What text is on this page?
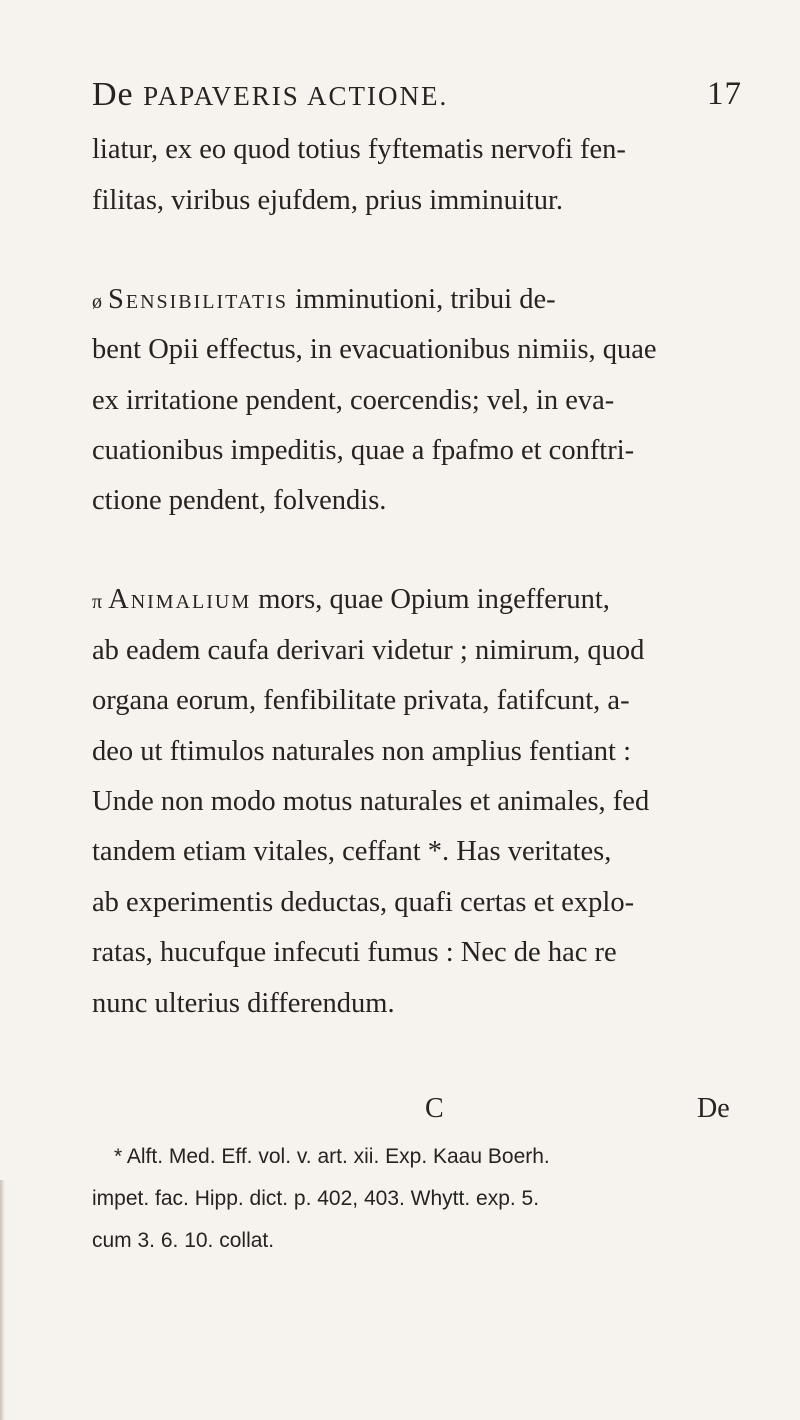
De PAPAVERIS ACTIONE.	17
liatur, ex eo quod totius fyftematis nervofi fen-
filitas, viribus ejufdem, prius imminuitur.
ø Sensibilitatis imminutioni, tribui de-
bent Opii effectus, in evacuationibus nimiis, quae
ex irritatione pendent, coercendis; vel, in eva-
cuationibus impeditis, quae a fpafmo et conftri-
ctione pendent, folvendis.
π Animalium mors, quae Opium ingefferunt,
ab eadem caufa derivari videtur ; nimirum, quod
organa eorum, fenfibilitate privata, fatifcunt, a-
deo ut ftimulos naturales non amplius fentiant :
Unde non modo motus naturales et animales, fed
tandem etiam vitales, ceffant *. Has veritates,
ab experimentis deductas, quafi certas et explo-
ratas, hucufque infecuti fumus : Nec de hac re
nunc ulterius differendum.
C	De
* Alft. Med. Eff. vol. v. art. xii. Exp. Kaau Boerh.
impet. fac. Hipp. dict. p. 402, 403. Whytt. exp. 5.
cum 3. 6. 10. collat.
